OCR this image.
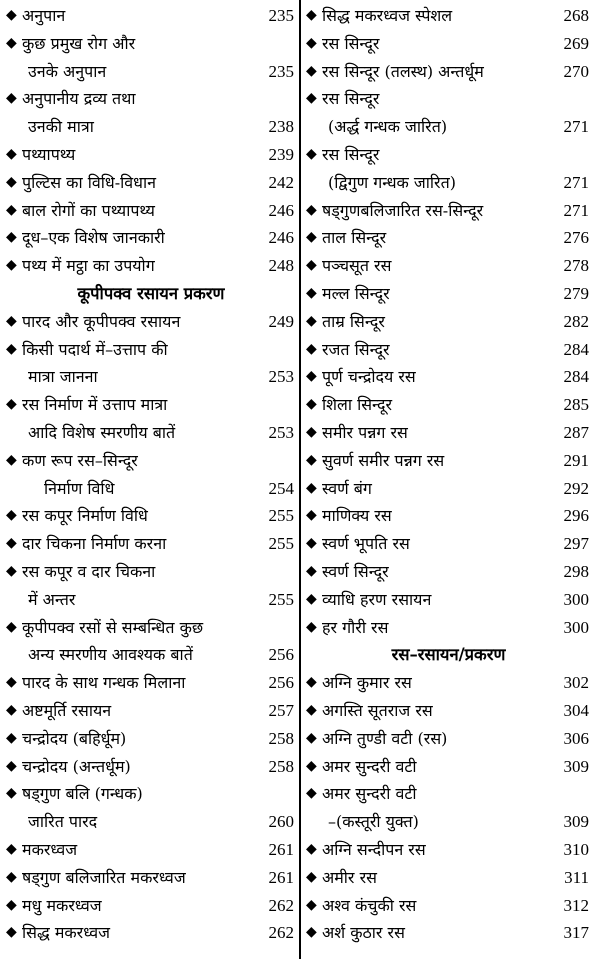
◆ अनुपान	235
◆ कुछ प्रमुख रोग और
उनके अनुपान	235
◆ अनुपानीय द्रव्य तथा
उनकी मात्रा	238
◆ पथ्यापथ्य	239
◆ पुल्टिस का विधि-विधान	242
◆ बाल रोगों का पथ्यापथ्य	246
◆ दूध–एक विशेष जानकारी	246
◆ पथ्य में मट्ठा का उपयोग	248
कूपीपक्व रसायन प्रकरण
◆ पारद और कूपीपक्व रसायन	249
◆ किसी पदार्थ में–उत्ताप की
मात्रा जानना	253
◆ रस निर्माण में उत्ताप मात्रा
आदि विशेष स्मरणीय बातें	253
◆ कण रूप रस–सिन्दूर
निर्माण विधि	254
◆ रस कपूर निर्माण विधि	255
◆ दार चिकना निर्माण करना	255
◆ रस कपूर व दार चिकना
में अन्तर	255
◆ कूपीपक्व रसों से सम्बन्धित कुछ
अन्य स्मरणीय आवश्यक बातें	256
◆ पारद के साथ गन्धक मिलाना	256
◆ अष्टमूर्ति रसायन	257
◆ चन्द्रोदय (बहिर्धूम)	258
◆ चन्द्रोदय (अन्तर्धूम)	258
◆ षड्गुण बलि (गन्धक)
जारित पारद	260
◆ मकरध्वज	261
◆ षड्गुण बलिजारित मकरध्वज	261
◆ मधु मकरध्वज	262
◆ सिद्ध मकरध्वज	262
◆ सिद्ध मकरध्वज स्पेशल	268
◆ रस सिन्दूर	269
◆ रस सिन्दूर (तलस्थ) अन्तर्धूम	270
◆ रस सिन्दूर
(अर्द्ध गन्धक जारित)	271
◆ रस सिन्दूर
(द्विगुण गन्धक जारित)	271
◆ षड्गुणबलिजारित रस-सिन्दूर	271
◆ ताल सिन्दूर	276
◆ पञ्चसूत रस	278
◆ मल्ल सिन्दूर	279
◆ ताम्र सिन्दूर	282
◆ रजत सिन्दूर	284
◆ पूर्ण चन्द्रोदय रस	284
◆ शिला सिन्दूर	285
◆ समीर पन्नग रस	287
◆ सुवर्ण समीर पन्नग रस	291
◆ स्वर्ण बंग	292
◆ माणिक्य रस	296
◆ स्वर्ण भूपति रस	297
◆ स्वर्ण सिन्दूर	298
◆ व्याधि हरण रसायन	300
◆ हर गौरी रस	300
रस–रसायन/प्रकरण
◆ अग्नि कुमार रस	302
◆ अगस्ति सूतराज रस	304
◆ अग्नि तुण्डी वटी (रस)	306
◆ अमर सुन्दरी वटी	309
◆ अमर सुन्दरी वटी
–(कस्तूरी युक्त)	309
◆ अग्नि सन्दीपन रस	310
◆ अमीर रस	311
◆ अश्व कंचुकी रस	312
◆ अर्श कुठार रस	317
